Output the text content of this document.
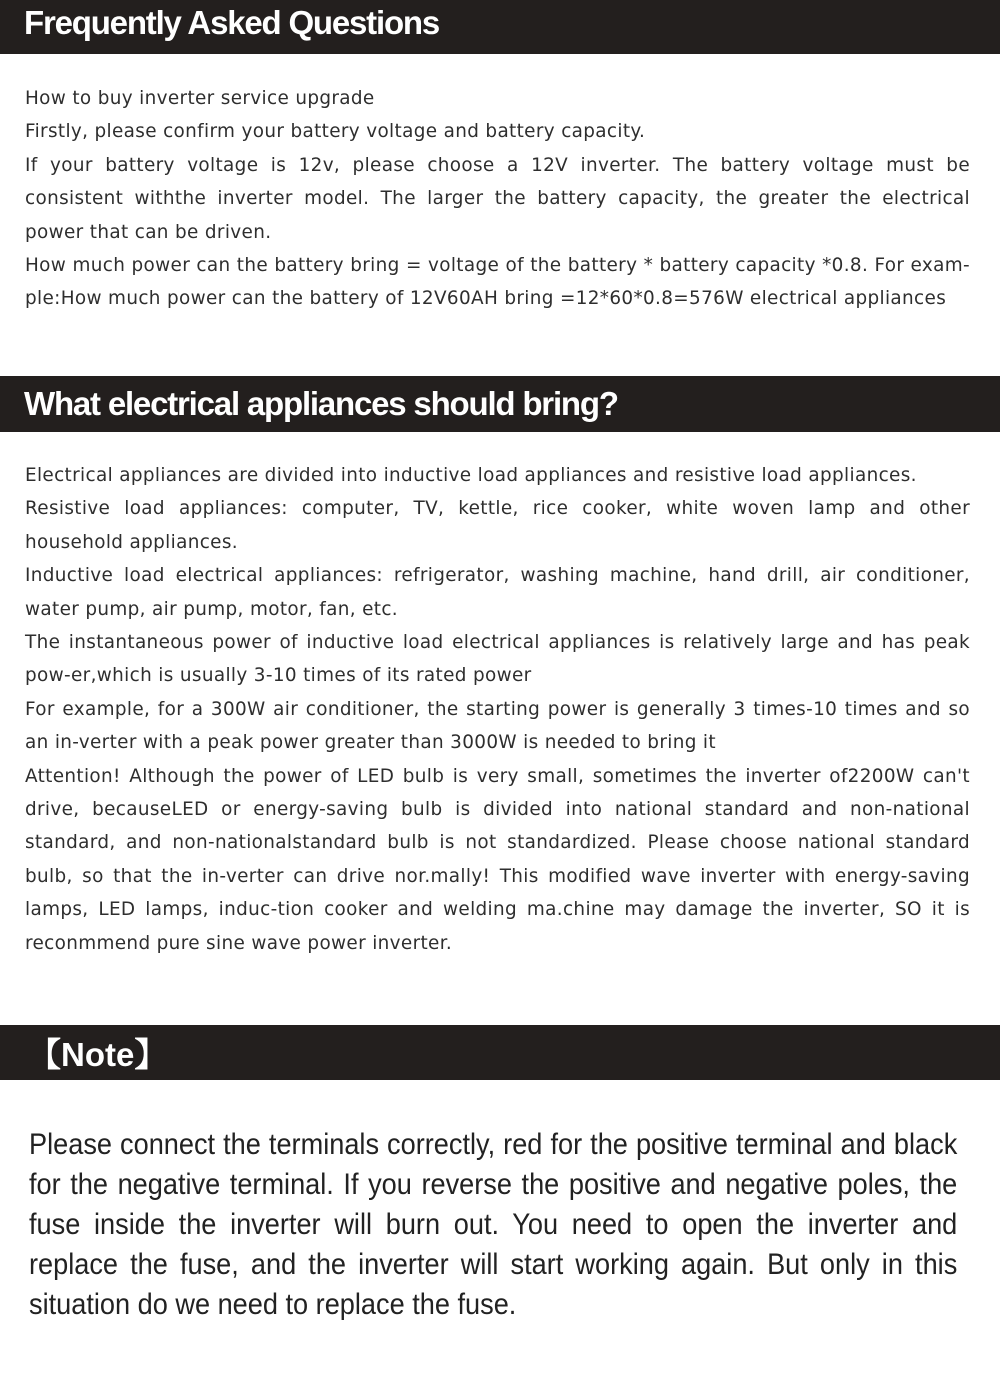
Frequently Asked Questions

How to buy inverter service upgrade

Firstly, please confirm your battery voltage and battery capacity.

If your battery voltage is 12v, please choose a 12V inverter. The battery voltage must be consistent withthe inverter model. The larger the battery capacity, the greater the electrical power that can be driven.

How much power can the battery bring = voltage of the battery * battery capacity *0.8. For exam-ple:How much power can the battery of 12V60AH bring =12*60*0.8=576W electrical appliances

What electrical appliances should bring?

Electrical appliances are divided into inductive load appliances and resistive load appliances.

Resistive load appliances: computer, TV, kettle, rice cooker, white woven lamp and other household appliances.

Inductive load electrical appliances: refrigerator, washing machine, hand drill, air conditioner, water pump, air pump, motor, fan, etc.

The instantaneous power of inductive load electrical appliances is relatively large and has peak pow-er,which is usually 3-10 times of its rated power

For example, for a 300W air conditioner, the starting power is generally 3 times-10 times and so an in-verter with a peak power greater than 3000W is needed to bring it

Attention! Although the power of LED bulb is very small, sometimes the inverter of2200W can't drive, becauseLED or energy-saving bulb is divided into national standard and non-national standard, and non-nationalstandard bulb is not standardized. Please choose national standard bulb, so that the in-verter can drive nor.mally! This modified wave inverter with energy-saving lamps, LED lamps, induc-tion cooker and welding ma.chine may damage the inverter, SO it is reconmmend pure sine wave power inverter.

【Note】

Please connect the terminals correctly, red for the positive terminal and black for the negative terminal. If you reverse the positive and negative poles, the fuse inside the inverter will burn out. You need to open the inverter and replace the fuse, and the inverter will start working again. But only in this situation do we need to replace the fuse.
